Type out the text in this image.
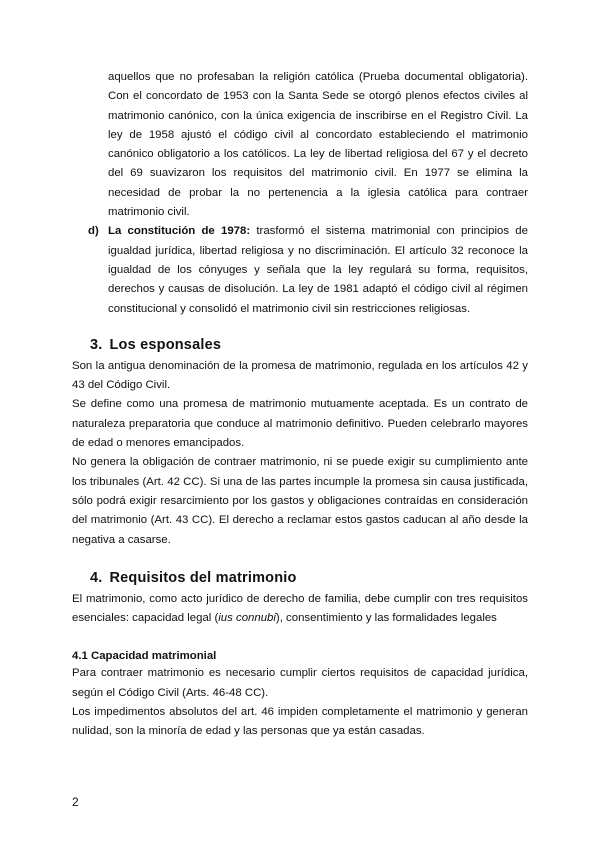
aquellos que no profesaban la religión católica (Prueba documental obligatoria). Con el concordato de 1953 con la Santa Sede se otorgó plenos efectos civiles al matrimonio canónico, con la única exigencia de inscribirse en el Registro Civil. La ley de 1958 ajustó el código civil al concordato estableciendo el matrimonio canónico obligatorio a los católicos. La ley de libertad religiosa del 67 y el decreto del 69 suavizaron los requisitos del matrimonio civil. En 1977 se elimina la necesidad de probar la no pertenencia a la iglesia católica para contraer matrimonio civil.

d) La constitución de 1978: trasformó el sistema matrimonial con principios de igualdad jurídica, libertad religiosa y no discriminación. El artículo 32 reconoce la igualdad de los cónyuges y señala que la ley regulará su forma, requisitos, derechos y causas de disolución. La ley de 1981 adaptó el código civil al régimen constitucional y consolidó el matrimonio civil sin restricciones religiosas.

3. Los esponsales

Son la antigua denominación de la promesa de matrimonio, regulada en los artículos 42 y 43 del Código Civil.

Se define como una promesa de matrimonio mutuamente aceptada. Es un contrato de naturaleza preparatoria que conduce al matrimonio definitivo. Pueden celebrarlo mayores de edad o menores emancipados.

No genera la obligación de contraer matrimonio, ni se puede exigir su cumplimiento ante los tribunales (Art. 42 CC). Si una de las partes incumple la promesa sin causa justificada, sólo podrá exigir resarcimiento por los gastos y obligaciones contraídas en consideración del matrimonio (Art. 43 CC). El derecho a reclamar estos gastos caducan al año desde la negativa a casarse.

4. Requisitos del matrimonio

El matrimonio, como acto jurídico de derecho de familia, debe cumplir con tres requisitos esenciales: capacidad legal (ius connubi), consentimiento y las formalidades legales

4.1 Capacidad matrimonial

Para contraer matrimonio es necesario cumplir ciertos requisitos de capacidad jurídica, según el Código Civil (Arts. 46-48 CC).

Los impedimentos absolutos del art. 46 impiden completamente el matrimonio y generan nulidad, son la minoría de edad y las personas que ya están casadas.

2
